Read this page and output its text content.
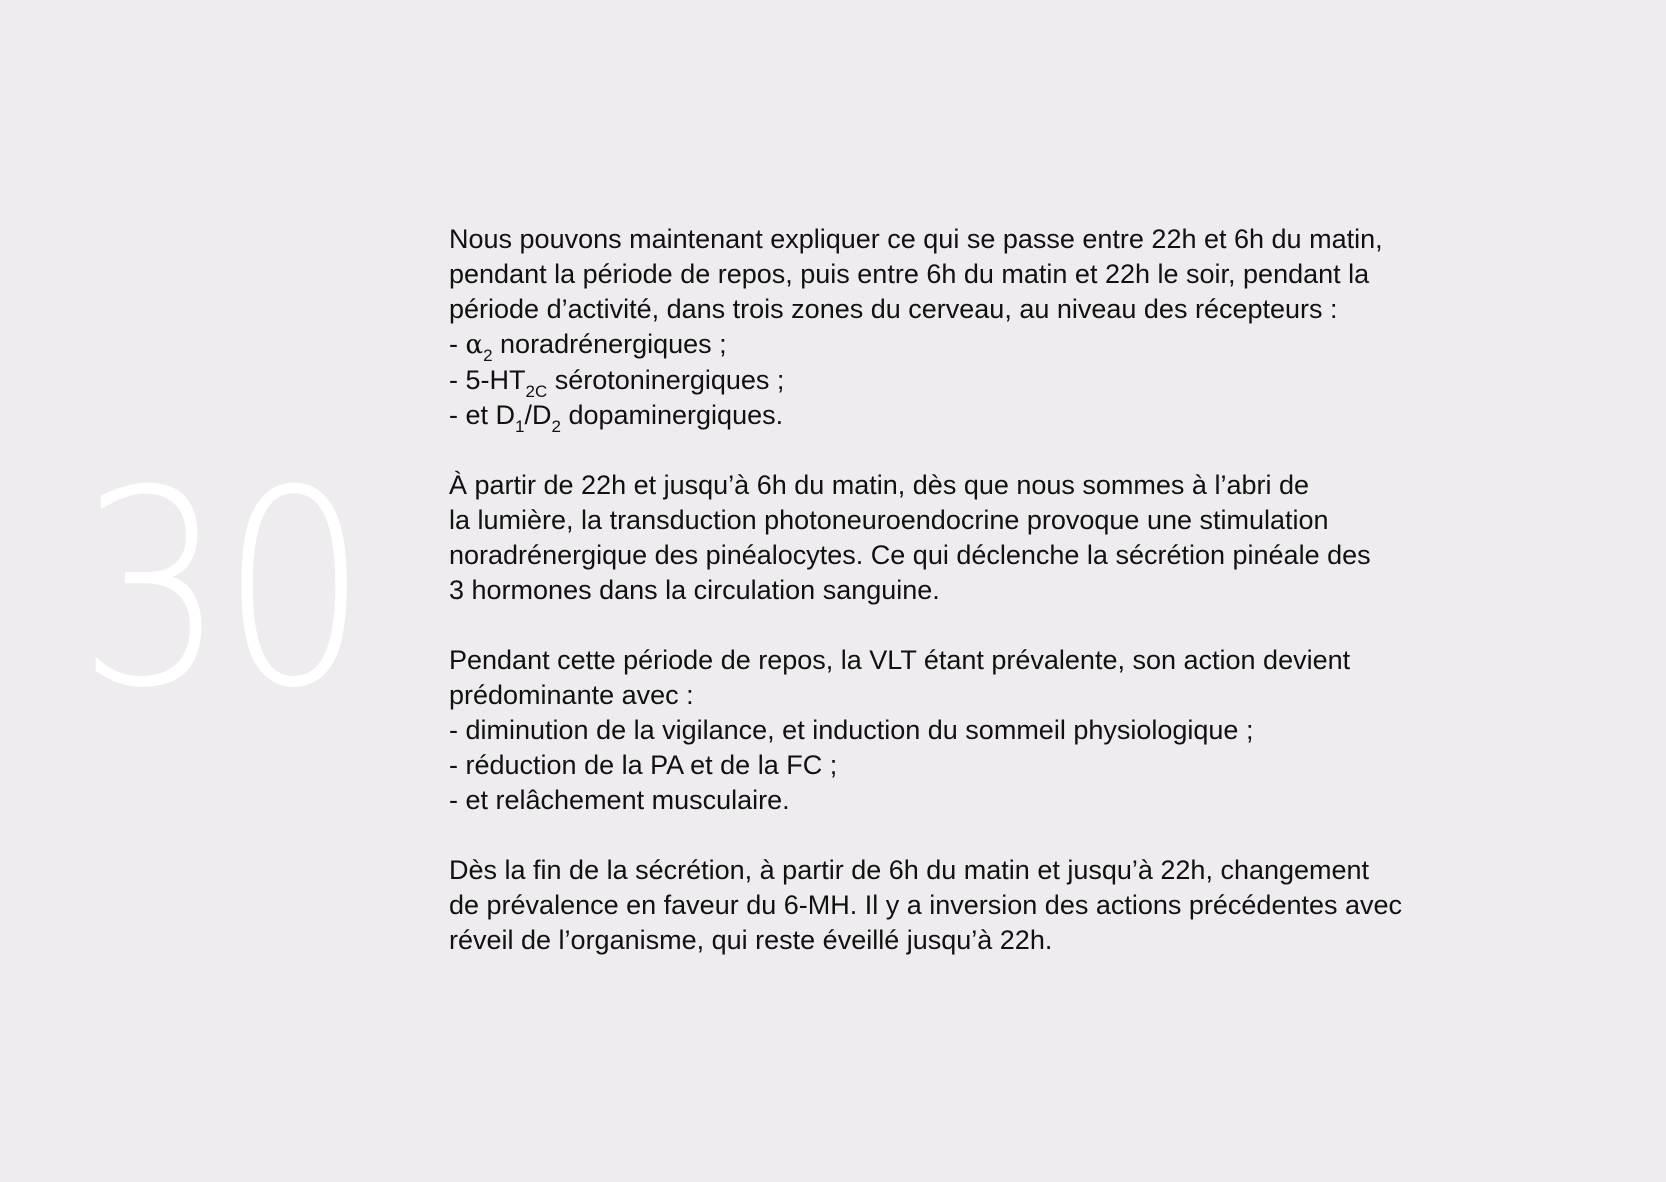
30
Nous pouvons maintenant expliquer ce qui se passe entre 22h et 6h du matin,
pendant la période de repos, puis entre 6h du matin et 22h le soir, pendant la
période d’activité, dans trois zones du cerveau, au niveau des récepteurs :
- $\alpha_2$ noradrénergiques ;
- $5-HT_{2C}$ sérotoninergiques ;
- et $D_1/D_2$ dopaminergiques.
À partir de 22h et jusqu’à 6h du matin, dès que nous sommes à l’abri de
la lumière, la transduction photoneuroendocrine provoque une stimulation
noradrénergique des pinéalocytes. Ce qui déclenche la sécrétion pinéale des
3 hormones dans la circulation sanguine.
Pendant cette période de repos, la VLT étant prévalente, son action devient
prédominante avec :
- diminution de la vigilance, et induction du sommeil physiologique ;
- réduction de la PA et de la FC ;
- et relâchement musculaire.
Dès la fin de la sécrétion, à partir de 6h du matin et jusqu’à 22h, changement
de prévalence en faveur du 6-MH. Il y a inversion des actions précédentes avec
réveil de l’organisme, qui reste éveillé jusqu’à 22h.
